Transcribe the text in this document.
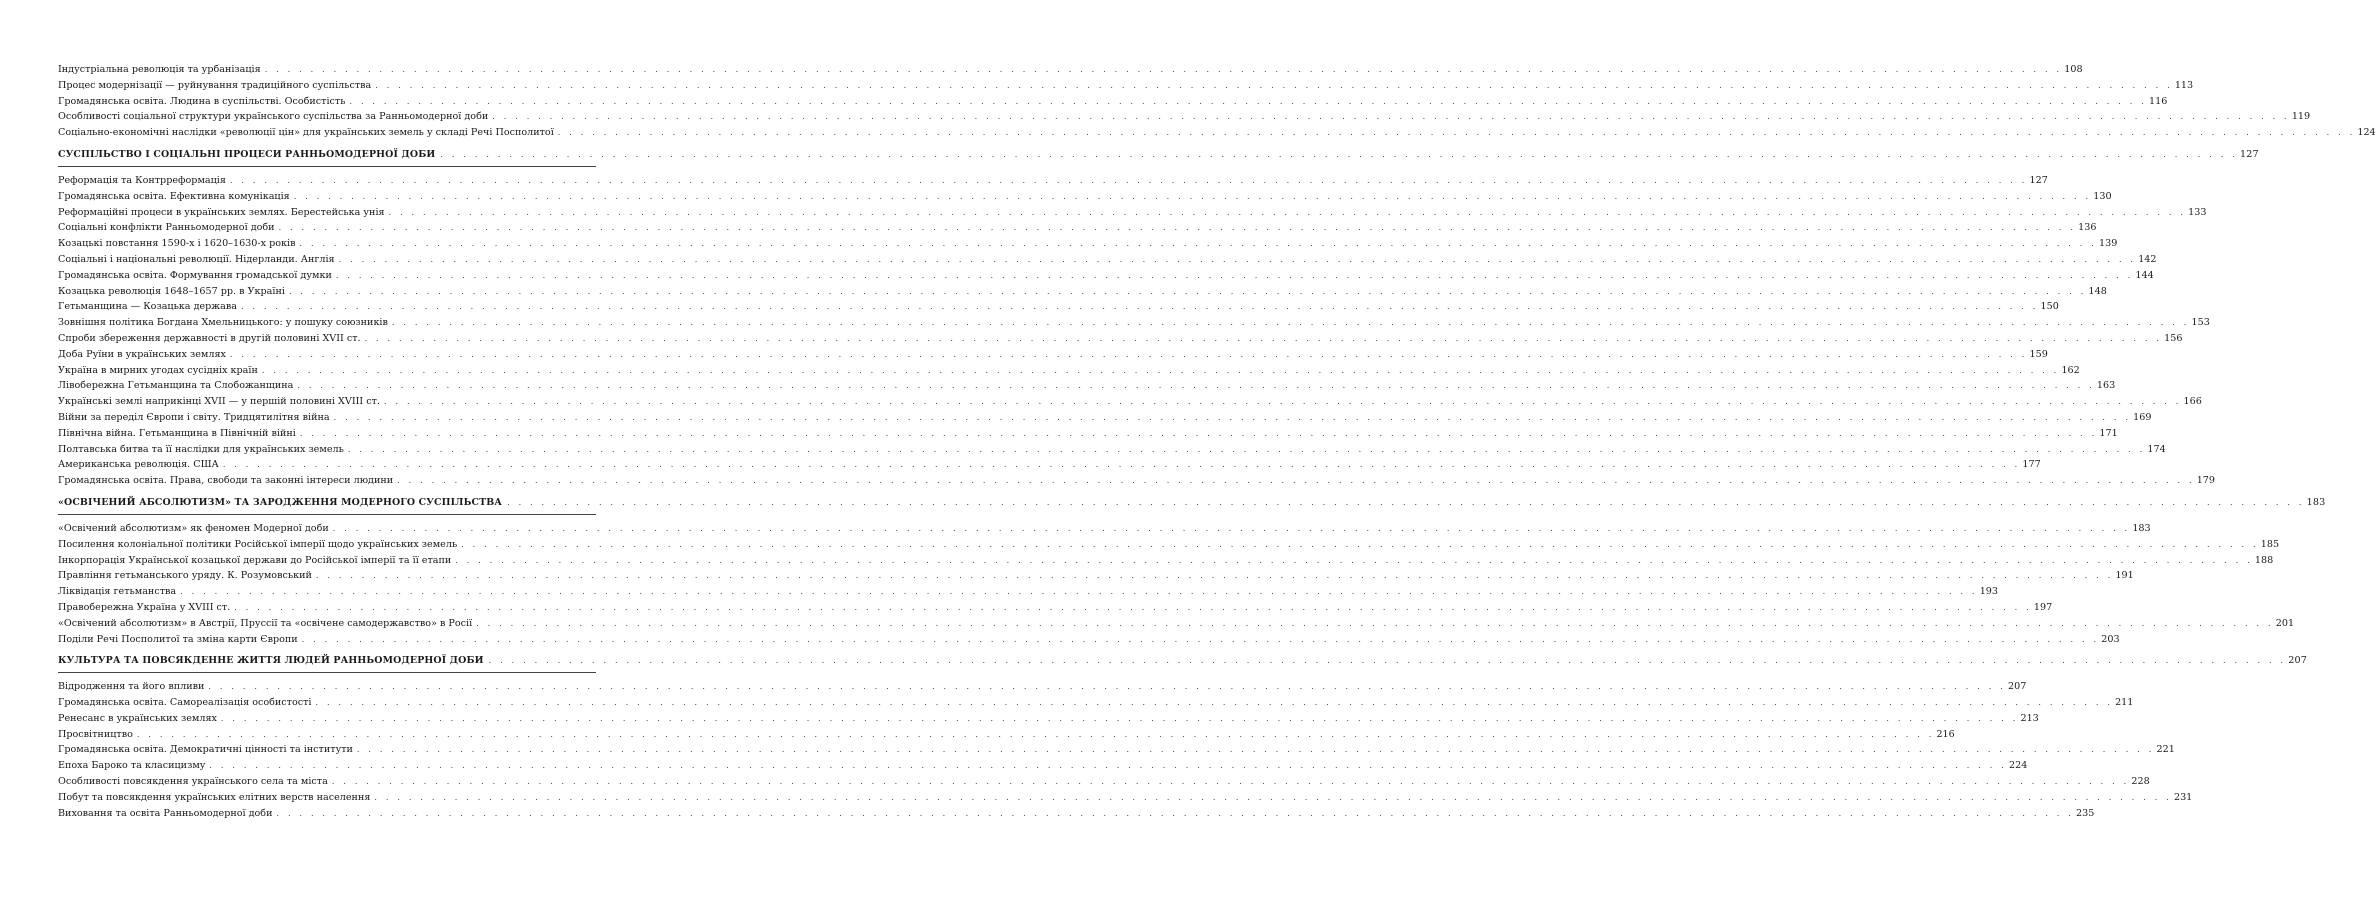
Індустріальна революція та урбанізація . . .	108
Процес модернізації — руйнування традиційного суспільства . . .	113
Громадянська освіта. Людина в суспільстві. Особистість . . .	116
Особливості соціальної структури українського суспільства за Ранньомодерної доби . . .	119
Соціально-економічні наслідки «революції цін» для українських земель у складі Речі Посполитої . . .	124
СУСПІЛЬСТВО І СОЦІАЛЬНІ ПРОЦЕСИ РАННЬОМОДЕРНОЇ ДОБИ . . .	127
Реформація та Контрреформація . . .	127
Громадянська освіта. Ефективна комунікація . . .	130
Реформаційні процеси в українських землях. Берестейська унія . . .	133
Соціальні конфлікти Ранньомодерної доби . . .	136
Козацькі повстання 1590-х і 1620–1630-х років . . .	139
Соціальні і національні революції. Нідерланди. Англія . . .	142
Громадянська освіта. Формування громадської думки . . .	144
Козацька революція 1648–1657 рр. в Україні . . .	148
Гетьманщина — Козацька держава . . .	150
Зовнішня політика Богдана Хмельницького: у пошуку союзників . . .	153
Спроби збереження державності в другій половині XVII ст. . . .	156
Доба Руїни в українських землях . . .	159
Україна в мирних угодах сусідніх країн . . .	162
Лівобережна Гетьманщина та Слобожанщина . . .	163
Українські землі наприкінці XVII — у першій половині XVIII ст. . . .	166
Війни за переділ Європи і світу. Тридцятилітня війна . . .	169
Північна війна. Гетьманщина в Північній війні . . .	171
Полтавська битва та її наслідки для українських земель . . .	174
Американська революція. США . . .	177
Громадянська освіта. Права, свободи та законні інтереси людини . . .	179
«ОСВІЧЕНИЙ АБСОЛЮТИЗМ» ТА ЗАРОДЖЕННЯ МОДЕРНОГО СУСПІЛЬСТВА . . .	183
«Освічений абсолютизм» як феномен Модерної доби . . .	183
Посилення колоніальної політики Російської імперії щодо українських земель . . .	185
Інкорпорація Української козацької держави до Російської імперії та її етапи . . .	188
Правління гетьманського уряду. К. Розумовський . . .	191
Ліквідація гетьманства . . .	193
Правобережна Україна у XVIII ст. . . .	197
«Освічений абсолютизм» в Австрії, Пруссії та «освічене самодержавство» в Росії . . .	201
Поділи Речі Посполитої та зміна карти Європи . . .	203
КУЛЬТУРА ТА ПОВСЯКДЕННЕ ЖИТТЯ ЛЮДЕЙ РАННЬОМОДЕРНОЇ ДОБИ . . .	207
Відродження та його впливи . . .	207
Громадянська освіта. Самореалізація особистості . . .	211
Ренесанс в українських землях . . .	213
Просвітництво . . .	216
Громадянська освіта. Демократичні цінності та інститути . . .	221
Епоха Бароко та класицизму . . .	224
Особливості повсякдення українського села та міста . . .	228
Побут та повсякдення українських елітних верств населення . . .	231
Виховання та освіта Ранньомодерної доби . . .	235
